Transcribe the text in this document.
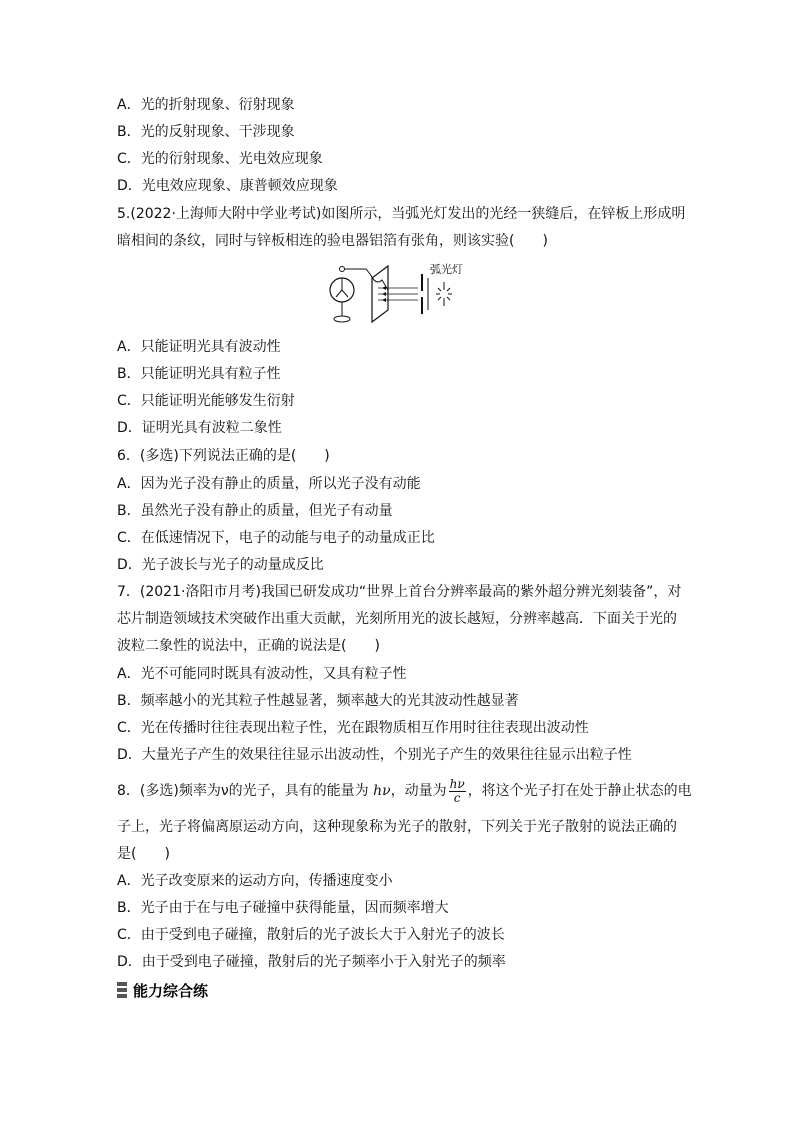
A．光的折射现象、衍射现象
B．光的反射现象、干涉现象
C．光的衍射现象、光电效应现象
D．光电效应现象、康普顿效应现象
5.(2022·上海师大附中学业考试)如图所示，当弧光灯发出的光经一狭缝后，在锌板上形成明
暗相间的条纹，同时与锌板相连的验电器铝箔有张角，则该实验(　　)
弧光灯
A．只能证明光具有波动性
B．只能证明光具有粒子性
C．只能证明光能够发生衍射
D．证明光具有波粒二象性
6．(多选)下列说法正确的是(　　)
A．因为光子没有静止的质量，所以光子没有动能
B．虽然光子没有静止的质量，但光子有动量
C．在低速情况下，电子的动能与电子的动量成正比
D．光子波长与光子的动量成反比
7．(2021·洛阳市月考)我国已研发成功“世界上首台分辨率最高的紫外超分辨光刻装备”，对
芯片制造领域技术突破作出重大贡献，光刻所用光的波长越短，分辨率越高．下面关于光的
波粒二象性的说法中，正确的说法是(　　)
A．光不可能同时既具有波动性，又具有粒子性
B．频率越小的光其粒子性越显著，频率越大的光其波动性越显著
C．光在传播时往往表现出粒子性，光在跟物质相互作用时往往表现出波动性
D．大量光子产生的效果往往显示出波动性，个别光子产生的效果往往显示出粒子性
8．(多选)频率为ν的光子，具有的能量为 hν，动量为 $\frac{h\nu}{c}$ ，将这个光子打在处于静止状态的电
子上，光子将偏离原运动方向，这种现象称为光子的散射，下列关于光子散射的说法正确的
是(　　)
A．光子改变原来的运动方向，传播速度变小
B．光子由于在与电子碰撞中获得能量，因而频率增大
C．由于受到电子碰撞，散射后的光子波长大于入射光子的波长
D．由于受到电子碰撞，散射后的光子频率小于入射光子的频率
能力综合练
